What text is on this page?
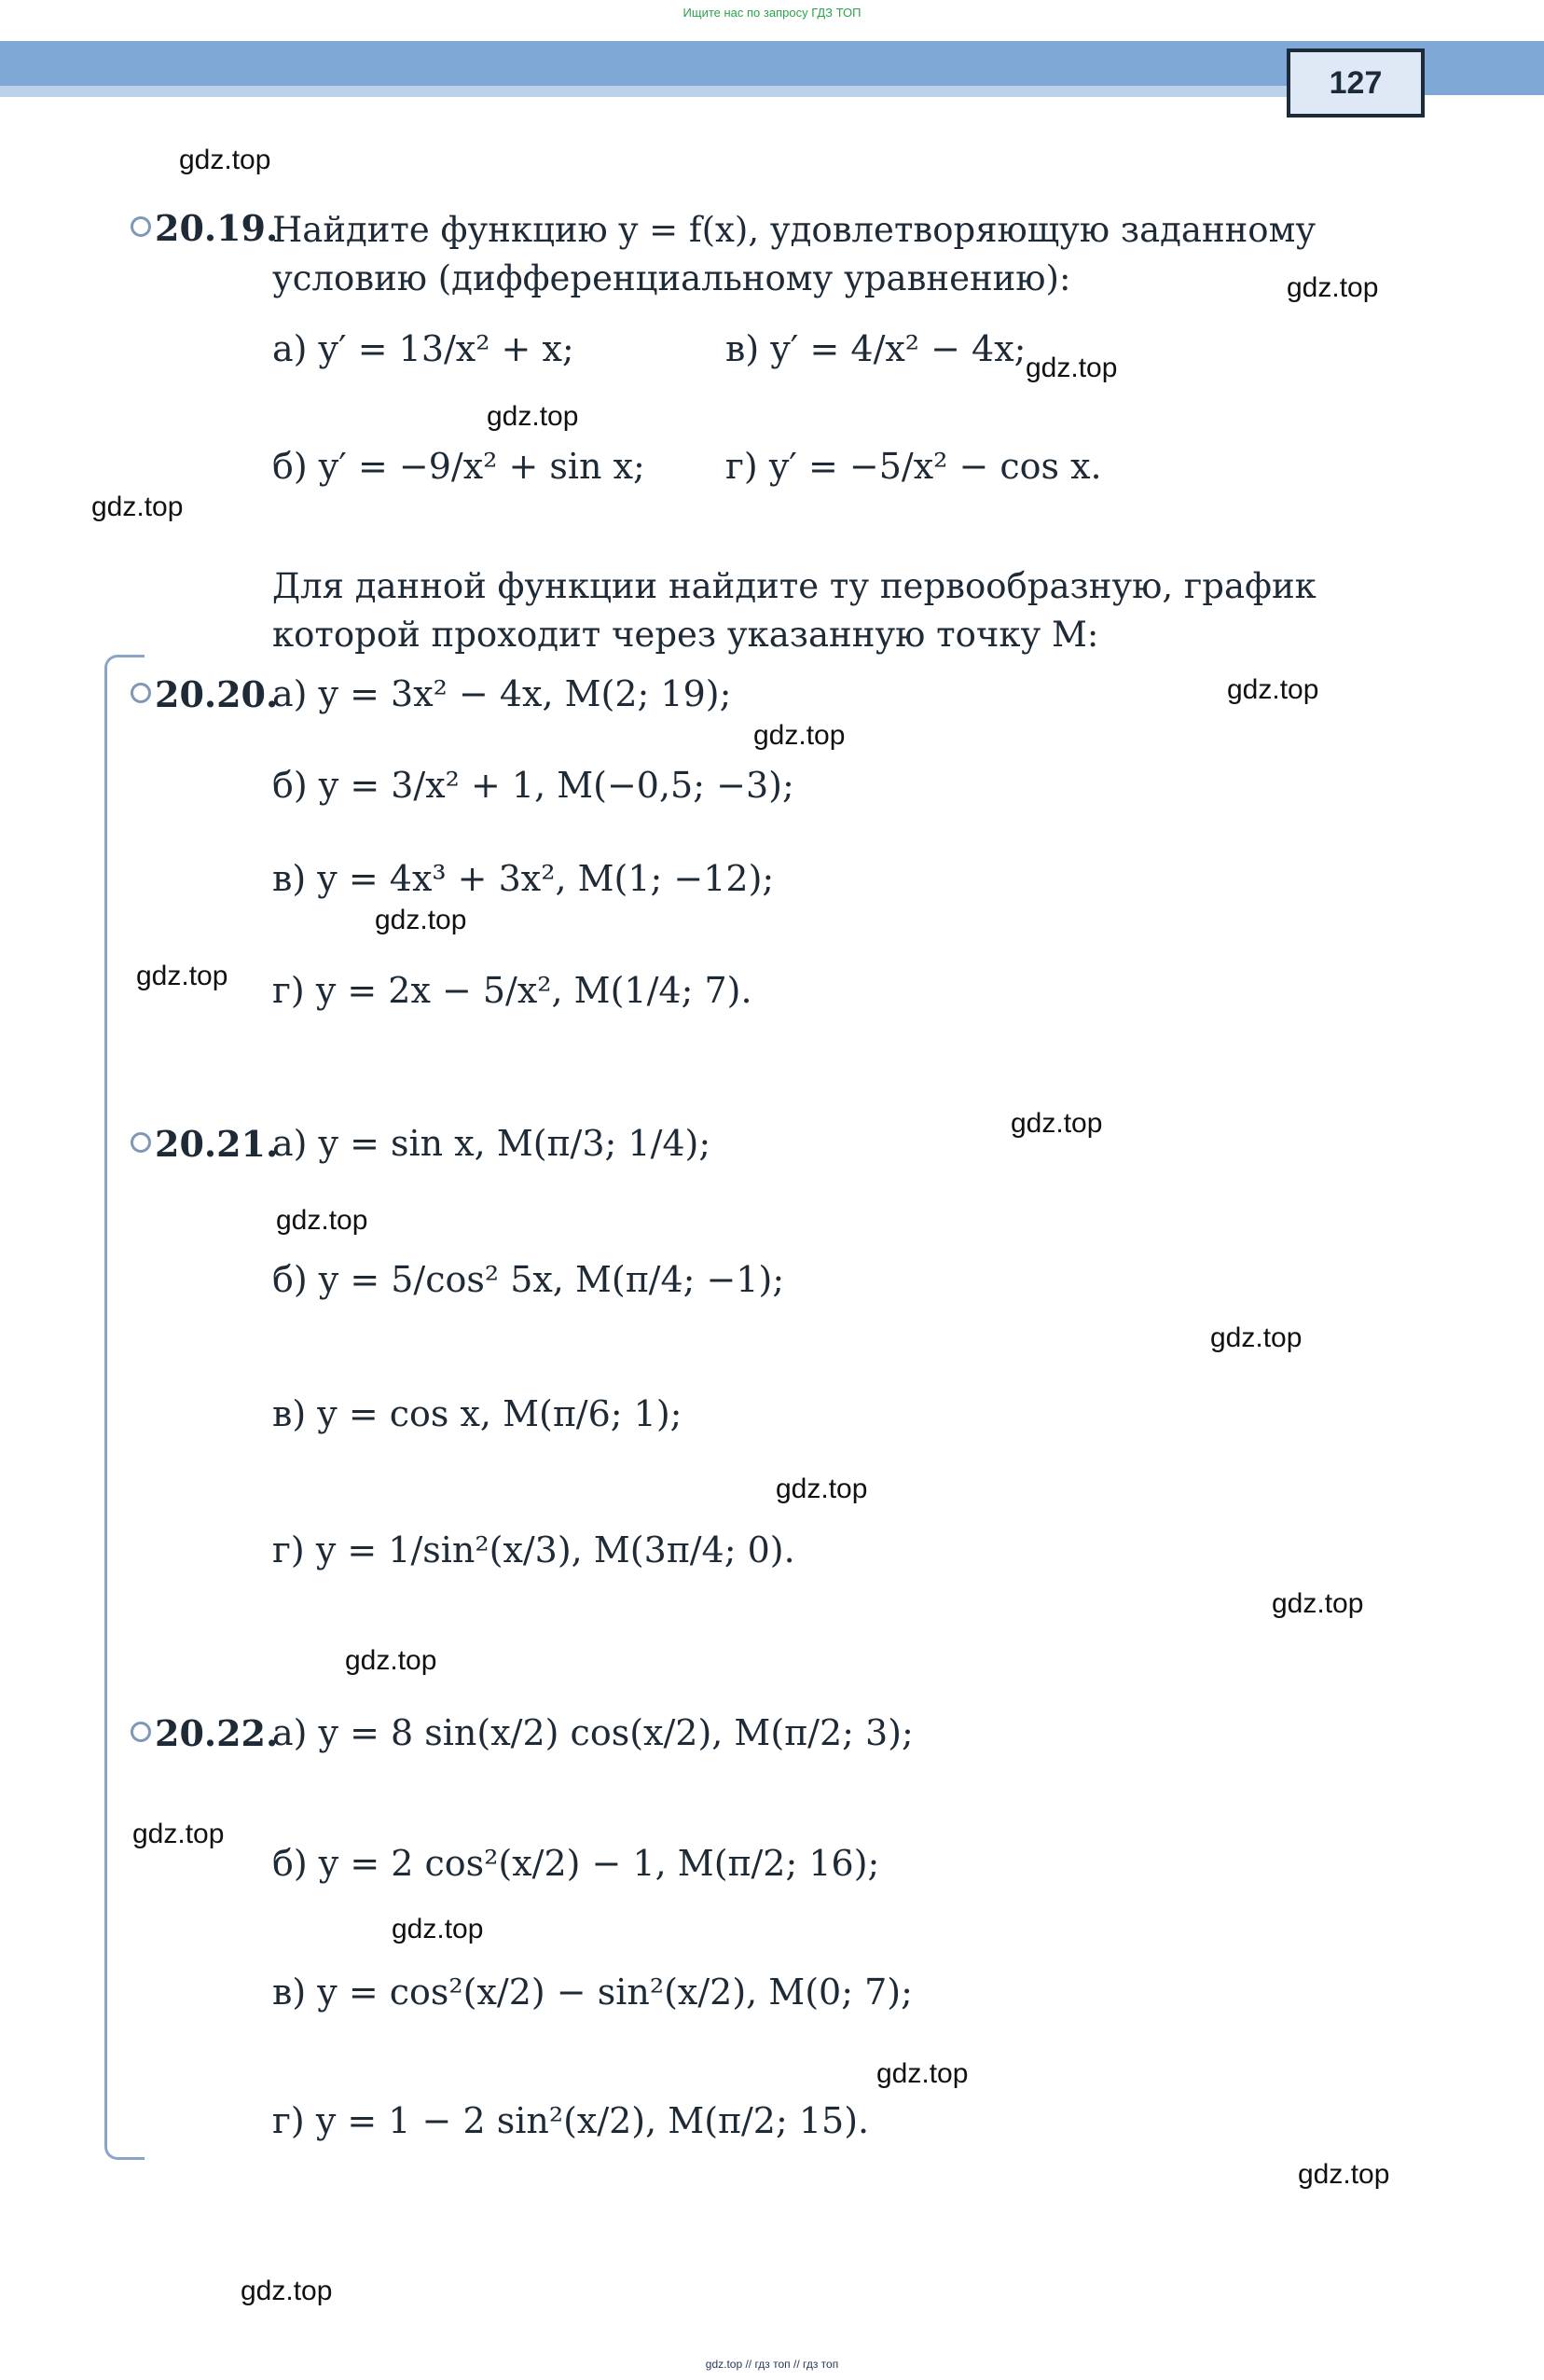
Ищите нас по запросу ГДЗ ТОП
127
gdz.top
gdz.top
gdz.top
gdz.top
gdz.top
gdz.top
gdz.top
gdz.top
gdz.top
gdz.top
gdz.top
gdz.top
gdz.top
gdz.top
gdz.top
gdz.top
gdz.top
gdz.top
gdz.top
gdz.top
20.19.
Найдите функцию y = f(x), удовлетворяющую заданному
условию (дифференциальному уравнению):
а) y′ = 13/x² + x;	в) y′ = 4/x² − 4x;
б) y′ = −9/x² + sin x; г) y′ = −5/x² − cos x.
Для данной функции найдите ту первообразную, график
которой проходит через указанную точку M:
20.20.
а) y = 3x² − 4x, M(2; 19);
б) y = 3/x² + 1, M(−0,5; −3);
в) y = 4x³ + 3x², M(1; −12);
г) y = 2x − 5/x², M(1/4; 7).
20.21.
а) y = sin x, M(π/3; 1/4);
б) y = 5/cos² 5x, M(π/4; −1);
в) y = cos x, M(π/6; 1);
г) y = 1/sin²(x/3), M(3π/4; 0).
20.22.
а) y = 8 sin(x/2) cos(x/2), M(π/2; 3);
б) y = 2 cos²(x/2) − 1, M(π/2; 16);
в) y = cos²(x/2) − sin²(x/2), M(0; 7);
г) y = 1 − 2 sin²(x/2), M(π/2; 15).
gdz.top // гдз топ // гдз топ
